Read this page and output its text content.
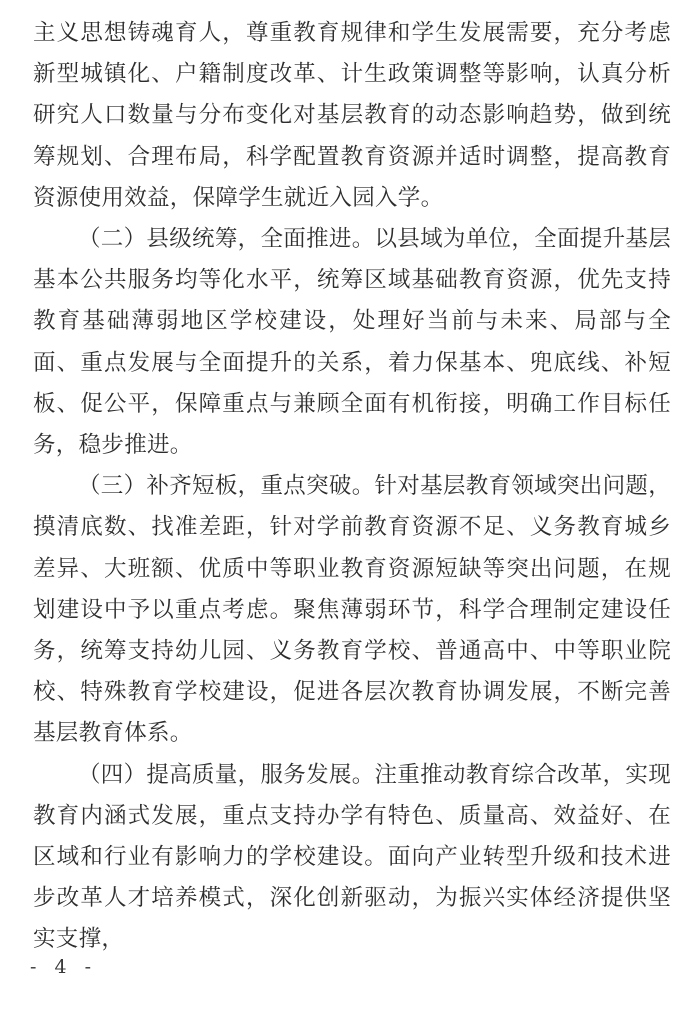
主义思想铸魂育人，尊重教育规律和学生发展需要，充分考虑新型城镇化、户籍制度改革、计生政策调整等影响，认真分析研究人口数量与分布变化对基层教育的动态影响趋势，做到统筹规划、合理布局，科学配置教育资源并适时调整，提高教育资源使用效益，保障学生就近入园入学。

（二）县级统筹，全面推进。以县域为单位，全面提升基层基本公共服务均等化水平，统筹区域基础教育资源，优先支持教育基础薄弱地区学校建设，处理好当前与未来、局部与全面、重点发展与全面提升的关系，着力保基本、兜底线、补短板、促公平，保障重点与兼顾全面有机衔接，明确工作目标任务，稳步推进。

（三）补齐短板，重点突破。针对基层教育领域突出问题，摸清底数、找准差距，针对学前教育资源不足、义务教育城乡差异、大班额、优质中等职业教育资源短缺等突出问题，在规划建设中予以重点考虑。聚焦薄弱环节，科学合理制定建设任务，统筹支持幼儿园、义务教育学校、普通高中、中等职业院校、特殊教育学校建设，促进各层次教育协调发展，不断完善基层教育体系。

（四）提高质量，服务发展。注重推动教育综合改革，实现教育内涵式发展，重点支持办学有特色、质量高、效益好、在区域和行业有影响力的学校建设。面向产业转型升级和技术进步改革人才培养模式，深化创新驱动，为振兴实体经济提供坚实支撑，

- 4 -
